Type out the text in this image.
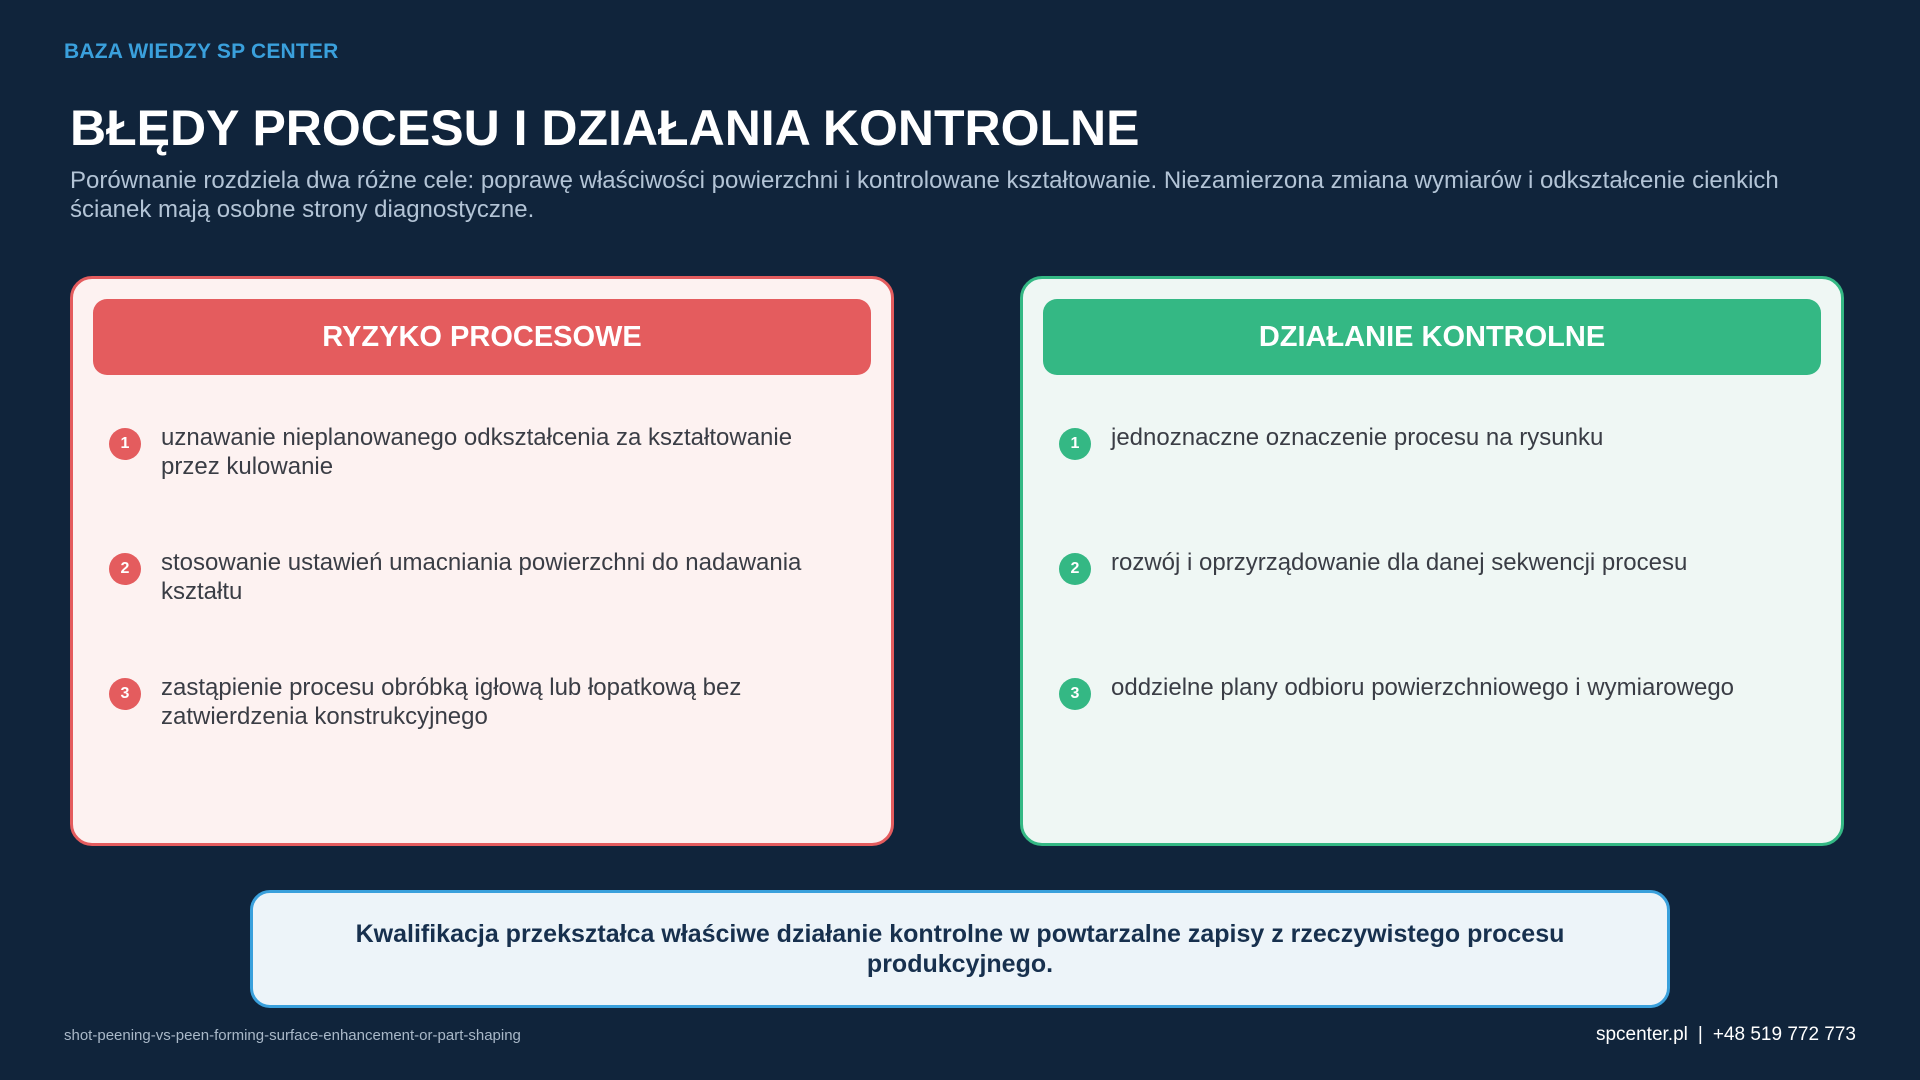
BAZA WIEDZY SP CENTER
BŁĘDY PROCESU I DZIAŁANIA KONTROLNE

Porównanie rozdziela dwa różne cele: poprawę właściwości powierzchni i kontrolowane kształtowanie. Niezamierzona zmiana wymiarów i odkształcenie cienkich ścianek mają osobne strony diagnostyczne.

RYZYKO PROCESOWE
1	uznawanie nieplanowanego odkształcenia za kształtowanie przez kulowanie
2	stosowanie ustawień umacniania powierzchni do nadawania kształtu
3	zastąpienie procesu obróbką igłową lub łopatkową bez zatwierdzenia konstrukcyjnego
DZIAŁANIE KONTROLNE
1	jednoznaczne oznaczenie procesu na rysunku
2	rozwój i oprzyrządowanie dla danej sekwencji procesu
3	oddzielne plany odbioru powierzchniowego i wymiarowego
Kwalifikacja przekształca właściwe działanie kontrolne w powtarzalne zapisy z rzeczywistego procesu produkcyjnego.
shot-peening-vs-peen-forming-surface-enhancement-or-part-shaping	spcenter.pl | +48 519 772 773
